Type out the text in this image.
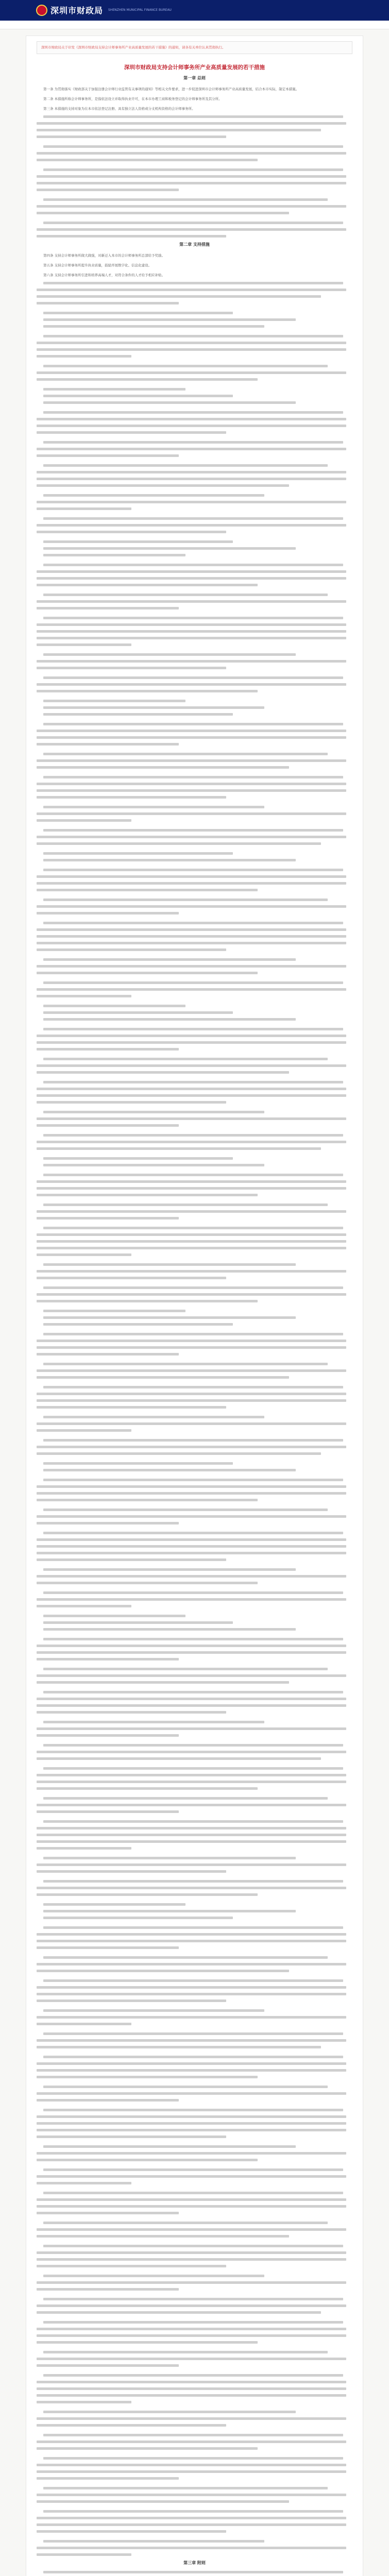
深圳市财政局 SHENZHEN MUNICIPAL FINANCE BUREAU
深圳市财政局关于印发《深圳市财政局支持会计师事务所产业高质量发展的若干措施》的通知，请各有关单位认真贯彻执行。
深圳市财政局支持会计师事务所产业高质量发展的若干措施
第一章 总则

第一条 为贯彻落实《财政部关于加强注册会计师行业监管有关事项的通知》等相关文件要求，进一步促进深圳市会计师事务所产业高质量发展，结合本市实际，制定本措施。

第二条 本措施所称会计师事务所，是指依法设立并取得执业许可，在本市办理工商和税务登记的会计师事务所及其分所。

第三条 本措施的支持对象为在本市依法登记注册、具有独立法人资格或分支机构资格的会计师事务所。

第二章 支持措施

第四条 支持会计师事务所做大做强，对新迁入本市的会计师事务所总部给予奖励。

第五条 支持会计师事务所提升执业质量，鼓励开展数字化、信息化建设。

第六条 支持会计师事务所引进和培养高端人才，对符合条件的人才给予相应补贴。

第三章 附则
